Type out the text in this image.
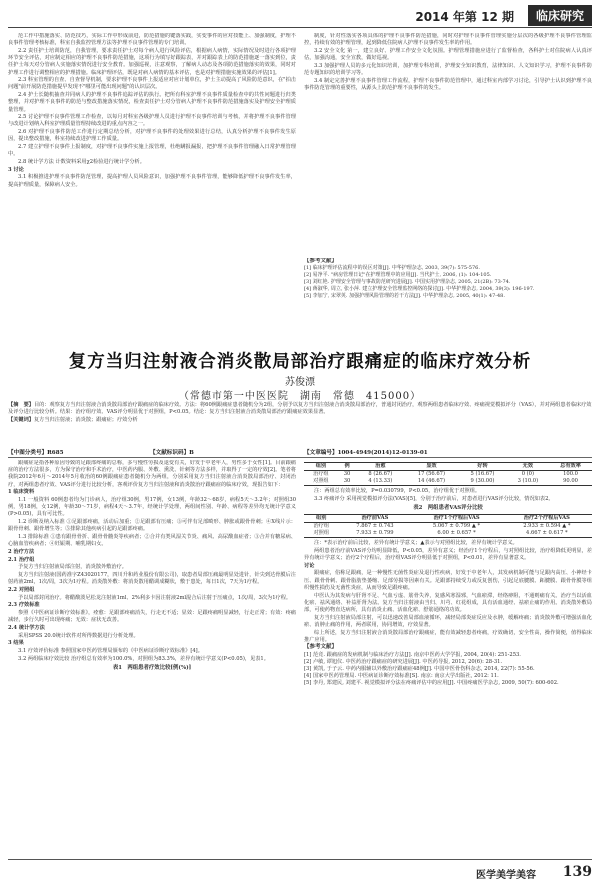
2014 年第 12 期	临床研究

范工作中措施落实、防范技巧，实际工作中形成前进，防范措施的键落实践，实变事件的应对技能上、加强制度，护理不良事件管理考核标准，科室自我监控管理方法等护理不良事件管理的专门培训。

2.2 责任护士培训防范，自我管理，要求责任护士对每个病人进行风险评估，根据病人病情，实际情况及时进行各项护理环节安全评估，对应制定相应的护理不良事件防范措施，这项行为填写好跟踪表，并对跟踪表上的防范措施逐一落实到位，责任护士每天对分管病人实施落实情况进行安全教育。加强巡视，注意观察，了解病人动态及各项防范措施落实的效果，同时对护理工作进行调整相应的护理措施。临床护理评估，既是对病人病情的基本评估，也是对护理措施实施效果的评估[1]。

2.3 科室管理的自查、自查督导机制，要求护理不良事件上报适应对应计划单位，护士主动提高了风险防范意识，在"拍击问题"前开展防范措施提早发现不"哪里可能出现问题"的认识层次。

2.4 护士长随机抽查并同病人的护理不良事件追踪评估的执行。把所有科室护理不良事件质量检查中的共性问题进行归类整理，并对护理不良事件的防范与整改措施落实情况，检查责任护士对分管病人护理不良事件防范措施落实及护理安全护理质量管理。

2.5 讨论护理不良事件管理工作检查，以每月对科室各级护理人员进行护理不良事件培训与考核，并将护理不良事件管理与改进计划纳入科室护理质量管理持续改进的重点内容之一。

2.6 对护理不良事件防范工作进行定期总结分析，对护理不良事件的处理效果进行总结，认真分析护理不良事件发生原因，提出整改措施，科室持续改进护理工作质量。

2.7 建立护理不良事件上报制度，对护理不良事件实施上报管理，杜绝瞒报漏报，把护理不良事件管理融入日常护理管理中。

2.8 统计学方法 计数资料采用χ2检验进行统计学分析。

3 讨论

3.1 积极推进护理不良事件防范管理，提高护理人员风险意识，加强护理不良事件管理，能够降低护理不良事件发生率，提高护理质量，保障病人安全。

制度，针对性落实各项具体的护理不良事件防范措施，同时对护理不良事件管理实施分层次的各级护理不良事件管理监控，持续有效的护理管理，起到降低住院病人护理不良事件发生率的作用。

3.2 安全文化 第一，建立良好、护理工作安全文化氛围。护理管理措施应进行了监督检查，各科护士对住院病人认真评估，加强沟通，安全宣教，做好巡视。

3.3 加强护理人员的多元化知识培训，加护理专科培训，护理安全知识教育，法律知识、人文知识学习，护理不良事件防范专题知识的培训学习等。

3.4 制定完善护理不良事件管理工作流程，护理不良事件防范管理中，通过科室内部学习讨论，引导护士认识到护理不良事件防范管理的重要性，从源头上防范护理不良事件的发生。

【参考文献】
[1] 临床护理评估流程中的误区对策[J]. 中华护理杂志, 2003, 39(7): 575-576.
[2] 易净平. "病房管理日记"在护理管理中的应用[J]. 当代护士, 2006, (1): 104-105.
[3] 刘红艳. 护理安全管理与事故防范研究进展[J]. 中国实用护理杂志, 2005, 21(2B): 73-74.
[4] 蒋淑华, 周立, 张小萍. 建立护理安全管理监控网络的探讨[J]. 中华护理杂志, 2004, 39(3): 196-197.
[5] 李加宁, 宋翠英. 加强护理风险管理的若干方法[J]. 中华护理杂志, 2005, 40(1): 47-48.
复方当归注射液合消炎散局部治疗跟痛症的临床疗效分析
苏俊漂
（常德市第一中医医院　湖南　常德　415000）
【摘　要】目的：观察复方当归注射液合消炎散局部治疗跟痛症的临床疗效。方法：将60例跟痛症患者随机分为2组，分别予以复方当归注射液合消炎散局部治疗，普通封闭治疗，观察两组患者临床疗效、疼痛视觉模拟评分（VAS），并对两组患者临床疗效及评分进行比较分析。结果：治疗组疗效、VAS评分明显优于对照组，P<0.05。结论：复方当归注射液合消炎散局部治疗跟痛症效果显著。
【关键词】复方当归注射液；消炎散；跟痛症；疗效分析
【中图分类号】R685	【文献标识码】B	【文章编号】1004-4949(2014)12-0139-01

跟痛症是指各种原因导致的足跟部疼痛的总称，多与慢性劳损及退变有关，好发于中老年人，男性多于女性[1]。目前跟痛症的治疗方法很多，方为保守治疗和手术治疗，中医药内服、外敷、熏洗、针刺等方法多样，并取得了一定的疗效[2]。笔者将我院2012年6月～2014年5月收治的60例跟痛症患者随机分为两组，分别采用复方当归注射液合消炎散局部治疗、封闭治疗，对两组患者疗效、VAS评分进行比较分析，客观评价复方当归注射液和消炎散治疗跟痛症的临床疗效，现报告如下：

1 临床资料

1.1 一般资料 60例患者均为门诊病人，治疗组30例，男17例，女13例，年龄32～68岁，病程5天～3.2年；对照组30例，男18例，女12例，年龄30～71岁，病程4天～3.7年，经统计学处理，两组间性别、年龄、病程等差异均无统计学意义(P>0.05)，具有可比性。

1.2 诊断及纳入标准 ①足跟部疼痛，活动后加重；②足跟部有压痛；③可伴有足部畸形、肿胀或跟骨骨刺；④X线片示：跟骨骨刺、跟骨增生等；⑤排除其他疾病引起的足跟部疼痛。

1.3 排除标准 ①患有跟骨骨折、跟骨骨髓炎等疾病者；②合并有类风湿关节炎、痛风、高尿酸血症者；③合并有糖尿病、心脑血管疾病者；④妊娠期、哺乳期妇女。

2 治疗方法

2.1 治疗组

予复方当归注射液局部注射，消炎散外敷治疗。

复方当归注射液(国药准字Z43020177，四川升和药业股份有限公司)，取患者局部压痛最明显处进针，针尖到达骨膜后注射药液2ml，1次/周，3次为1疗程。消炎散外敷：将消炎散用醋调成糊状，敷于患处，每日1次，7天为1疗程。

2.2 对照组

予以局部封闭治疗。将醋酸泼尼松龙注射液1ml、2%利多卡因注射液2ml混合后注射于压痛点，1次/周，3次为1疗程。

2.3 疗效标准

参照《中医病证诊断疗效标准》，痊愈：足跟部疼痛消失，行走无不适；显效：足跟疼痛明显减轻，行走正常；有效：疼痛减轻，步行久时可出现疼痛；无效：症状无改善。

2.4 统计学方法

采用SPSS 20.0统计软件对所得数据进行分析处理。

3 结果

3.1 疗效评价标准 参照国家中医药管理局颁布的《中医病证诊断疗效标准》[4]。

3.2 两组临床疗效比较 治疗组总有效率为100.0%，对照组为83.3%，差异有统计学意义(P<0.05)，见表1。

表1　两组患者疗效比较[例(%)]
组别	例	治愈	显效	好转	无效	总有效率
治疗组	30	8 (26.67)	17 (56.67)	5 (16.67)	0 (0)	100.0
对照组	30	4 (13.33)	14 (46.67)	9 (30.00)	3 (10.0)	90.00

注：两组总有效率比较，P=0.030799，P<0.05，治疗组优于对照组。

3.3 疼痛评分 采用视觉模拟评分法(VAS)[5]，分别于治疗前后，对患者进行VAS评分比较，情况如表2。

表2　两组患者VAS评分比较
组别	治疗前VAS	治疗1个疗程后VAS	治疗2个疗程后VAS
治疗组	7.867 ± 0.743	5.067 ± 0.799 ▲ *	2.933 ± 0.594 ▲ *
对照组	7.933 ± 0.799	6.00 ± 0.657 *	4.667 ± 0.617 *

注：*表示治疗前后比较，差异有统计学意义；▲表示与对照组比较，差异有统计学意义。

两组患者治疗前VAS评分均明显降低，P<0.05，差异有意义；经治疗1个疗程后，与对照组比较，治疗组降低更明显，差异有统计学意义；治疗2个疗程后，治疗组VAS评分明显低于对照组，P<0.01，差异有显著意义。

讨论

跟痛症，俗称足跟痛，是一种慢性无菌性炎症及退行性疾病，好发于中老年人，其发病机制可能与足跟内高压、小神经卡压、跟骨骨刺、跟骨脂肪垫萎缩、足部劳损等因素有关。足跟部持续受力或反复创伤，引起足底腱膜、跖腱膜、跟骨骨膜等组织慢性损伤及无菌性炎症，从而导致足跟疼痛。

中医认为其发病与肝肾不足、气血亏虚、筋骨失养，复感风寒湿邪，气血瘀滞，经络痹阻，不通则痛有关。治疗当以活血化瘀、祛风通络、补益肝肾为法。复方当归注射液由当归、川芎、红花组成，具有活血通经、祛瘀止痛的作用。消炎散外敷局部，可使药物直达病所，具有消炎止痛、活血化瘀、舒筋通络的功效。

复方当归注射液局部注射，可以迅速改善局部血液循环，减轻局部炎症反应及水肿，缓解疼痛；消炎散外敷可增强活血化瘀、消肿止痛的作用，两者联用，协同增效，疗效显著。

综上所述，复方当归注射液合消炎散局部治疗跟痛症，能有效减轻患者疼痛，疗效确切，安全性高，操作简便，值得临床推广应用。

【参考文献】
[1] 范竞. 跟痛症的发病机制与临床治疗方法[J]. 南京中医药大学学报, 2004, 20(4): 251-253.
[2] 卢敏, 谭旭仪. 中医药治疗跟痛症的研究进展[J]. 中医药导报, 2012, 20(6): 28-31.
[3] 黄凯, 于子云. 中药内服辅以外敷治疗跟痛症48例[J]. 中国中医骨伤科杂志, 2014, 22(7): 55-56.
[4] 国家中医药管理局. 中医病证诊断疗效标准[S]. 南京: 南京大学出版社, 2012: 11.
[5] 李丹, 郑建民, 刘建平. 视觉模拟评分法在疼痛评估中的应用[J]. 中国疼痛医学杂志, 2009, 50(7): 600-602.
医学美学美容 139
